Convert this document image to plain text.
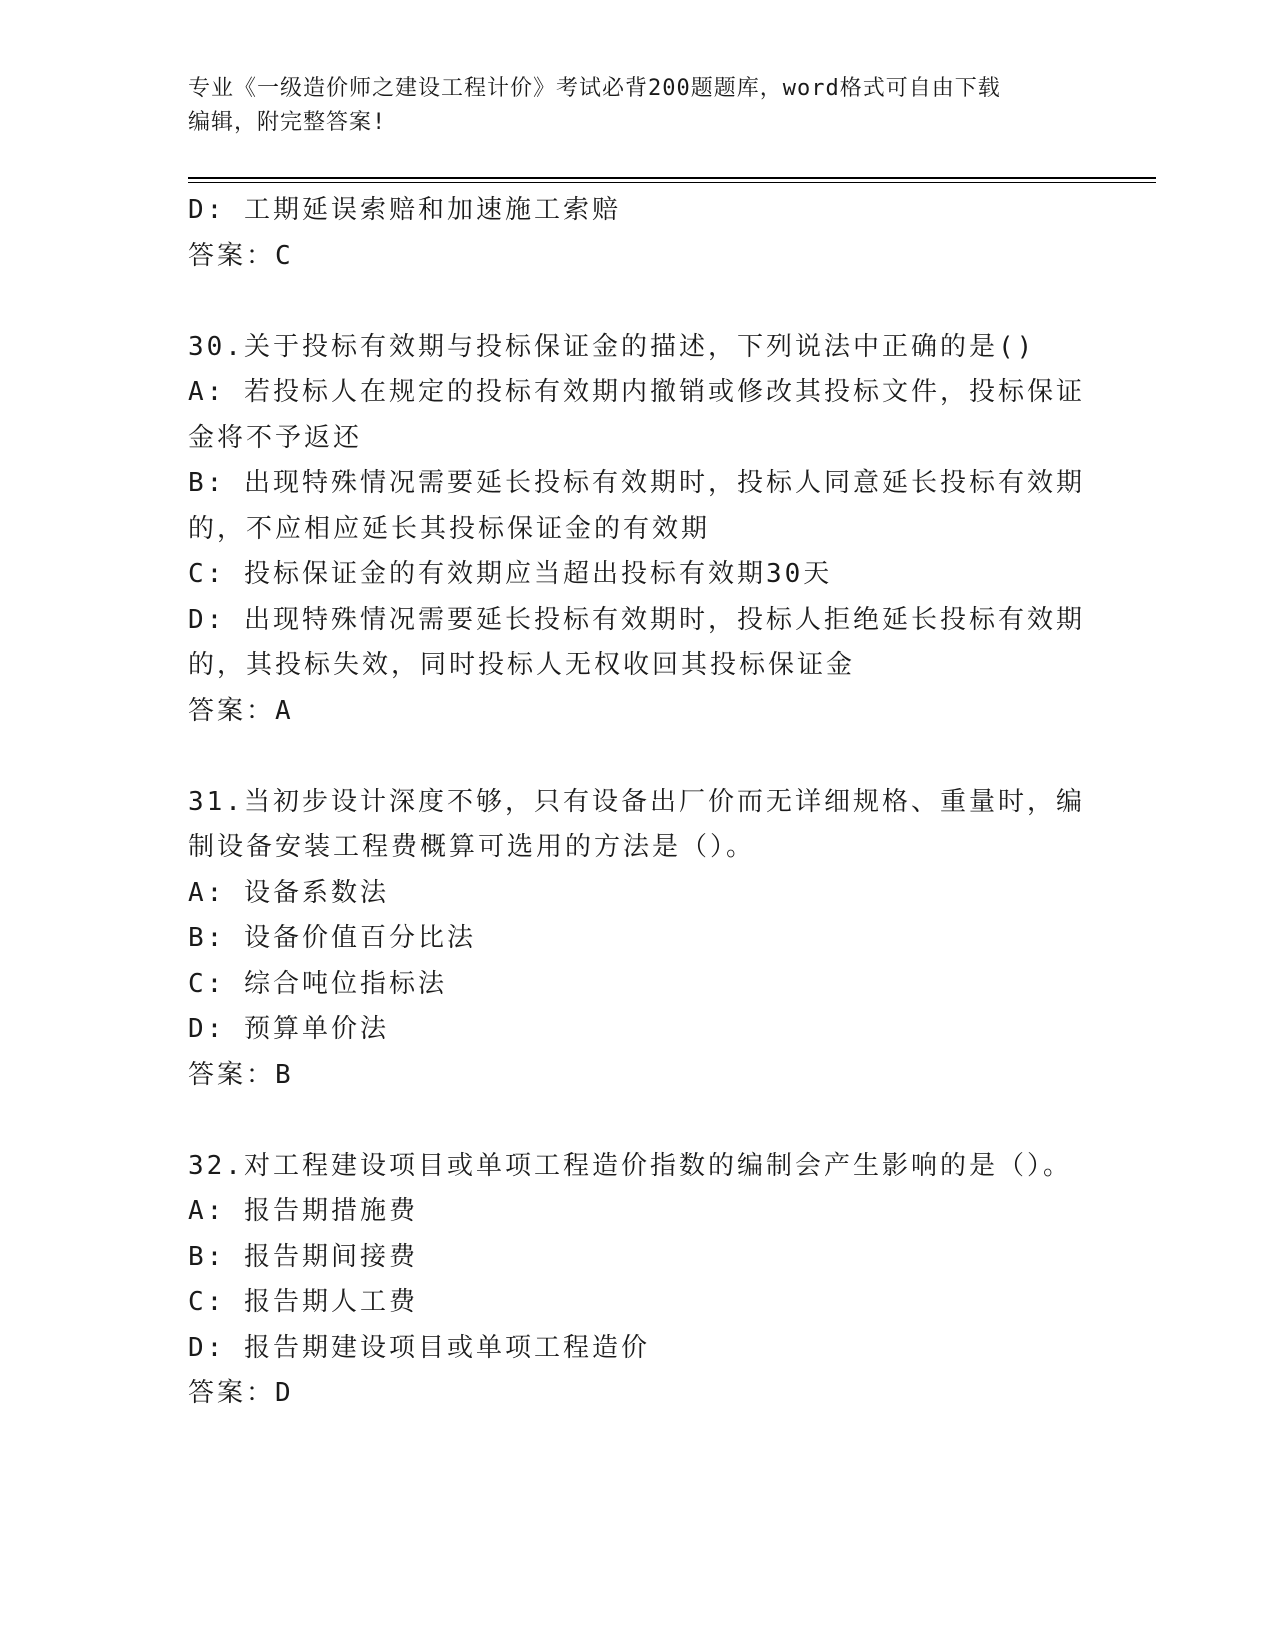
专业《一级造价师之建设工程计价》考试必背200题题库，word格式可自由下载
编辑，附完整答案!
D: 工期延误索赔和加速施工索赔
答案：C
30.关于投标有效期与投标保证金的描述，下列说法中正确的是()
A: 若投标人在规定的投标有效期内撤销或修改其投标文件，投标保证
金将不予返还
B: 出现特殊情况需要延长投标有效期时，投标人同意延长投标有效期
的，不应相应延长其投标保证金的有效期
C: 投标保证金的有效期应当超出投标有效期30天
D: 出现特殊情况需要延长投标有效期时，投标人拒绝延长投标有效期
的，其投标失效，同时投标人无权收回其投标保证金
答案：A
31.当初步设计深度不够，只有设备出厂价而无详细规格、重量时，编
制设备安装工程费概算可选用的方法是（）。
A: 设备系数法
B: 设备价值百分比法
C: 综合吨位指标法
D: 预算单价法
答案：B
32.对工程建设项目或单项工程造价指数的编制会产生影响的是（）。
A: 报告期措施费
B: 报告期间接费
C: 报告期人工费
D: 报告期建设项目或单项工程造价
答案：D
